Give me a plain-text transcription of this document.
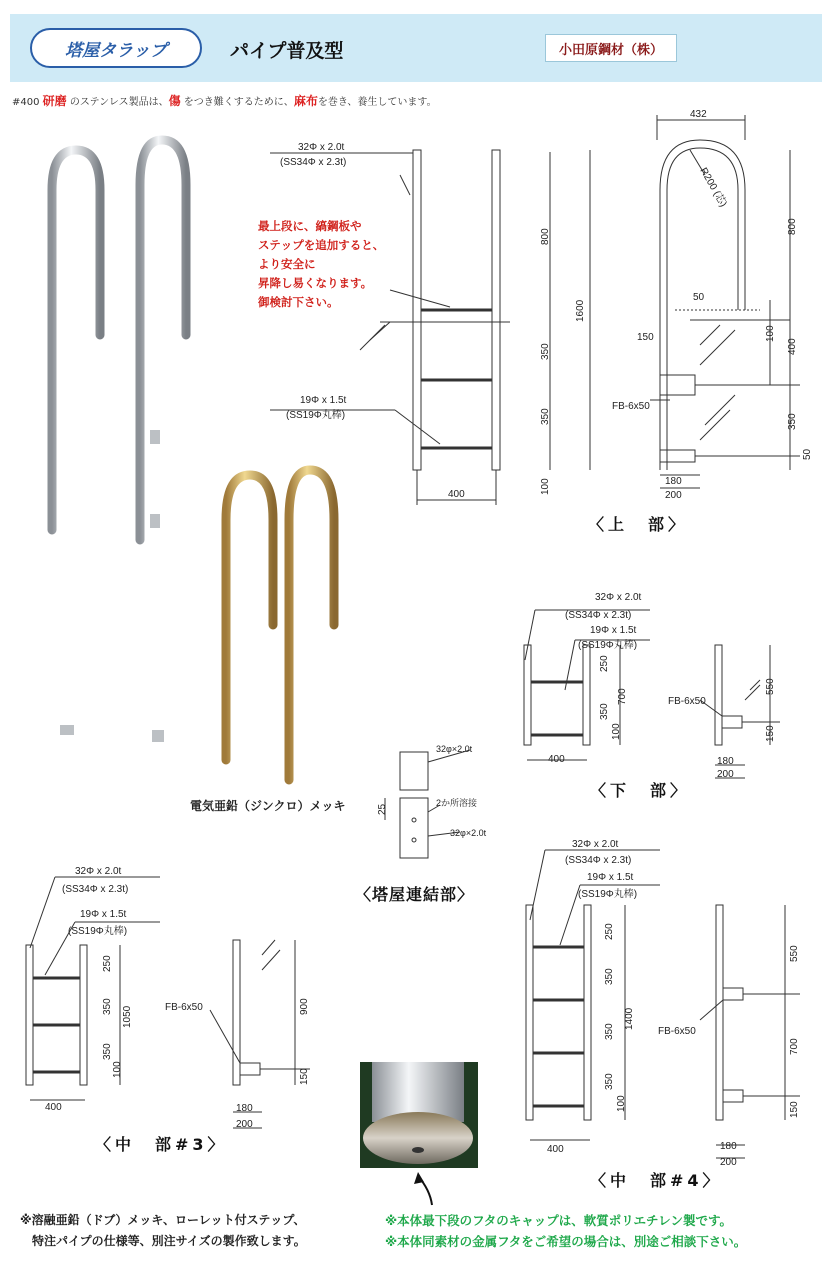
塔屋タラップ	パイプ普及型	小田原鋼材（株）
#400 研磨 のステンレス製品は、傷 をつき難くするために、麻布を巻き、養生しています。
32Φ x 2.0t
(SS34Φ x 2.3t)
19Φ x 1.5t
(SS19Φ丸棒)
400
432
50
150
FB-6x50
180
200
32Φ x 2.0t
(SS34Φ x 2.3t)
19Φ x 1.5t
(SS19Φ丸棒)
400
FB-6x50
180
200
32φ×2.0t
2か所溶接
32φ×2.0t
32Φ x 2.0t
(SS34Φ x 2.3t)
19Φ x 1.5t
(SS19Φ丸棒)
400
FB-6x50
180
200
32Φ x 2.0t
(SS34Φ x 2.3t)
19Φ x 1.5t
(SS19Φ丸棒)
400
FB-6x50
180
200
800
1600
350
350
100
R200 (芯)
800
100
400
350
50
250
700
350
100
550
150
25
250
350 1050
350
100
900
150
250
350
1400
350
350
100
550
700
150
最上段に、縞鋼板や
ステップを追加すると、
より安全に
昇降し易くなります。
御検討下さい。
電気亜鉛（ジンクロ）メッキ
〈上　部〉
〈下　部〉
〈塔屋連結部〉
〈中　部#3〉
〈中　部#4〉
※溶融亜鉛（ドブ）メッキ、ローレット付ステップ、
　特注パイプの仕様等、別注サイズの製作致します。
※本体最下段のフタのキャップは、軟質ポリエチレン製です。
※本体同素材の金属フタをご希望の場合は、別途ご相談下さい。
